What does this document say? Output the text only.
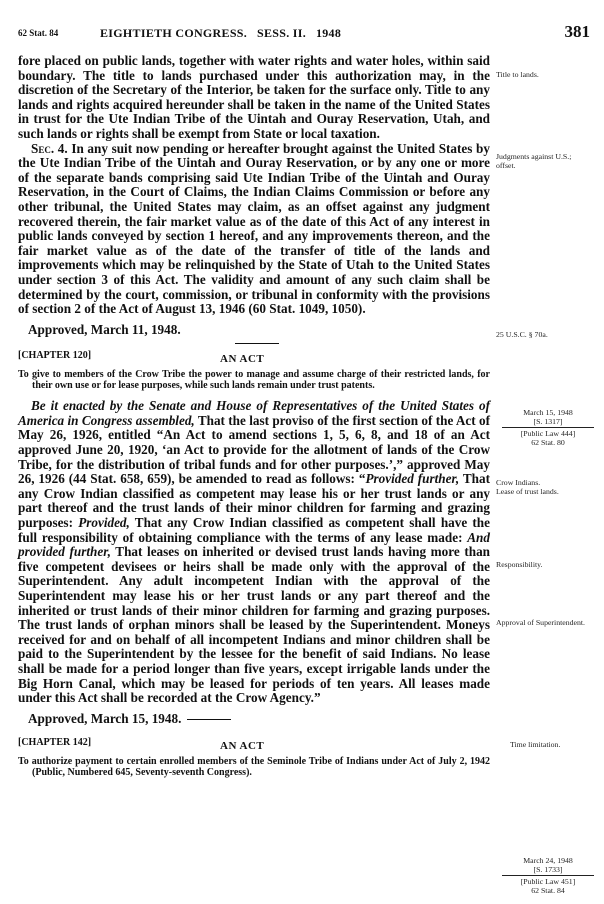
62 Stat. 84	EIGHTIETH CONGRESS.   SESS. II.   1948	381

fore placed on public lands, together with water rights and water holes, within said boundary. The title to lands purchased under this authorization may, in the discretion of the Secretary of the Interior, be taken for the surface only. Title to any lands and rights acquired hereunder shall be taken in the name of the United States in trust for the Ute Indian Tribe of the Uintah and Ouray Reservation, Utah, and such lands or rights shall be exempt from State or local taxation.

Sec. 4. In any suit now pending or hereafter brought against the United States by the Ute Indian Tribe of the Uintah and Ouray Reservation, or by any one or more of the separate bands comprising said Ute Indian Tribe of the Uintah and Ouray Reservation, in the Court of Claims, the Indian Claims Commission or before any other tribunal, the United States may claim, as an offset against any judgment recovered therein, the fair market value as of the date of this Act of any interest in public lands conveyed by section 1 hereof, and any improvements thereon, and the fair market value as of the date of the transfer of title of the lands and improvements which may be relinquished by the State of Utah to the United States under section 3 of this Act. The validity and amount of any such claim shall be determined by the court, commission, or tribunal in conformity with the provisions of section 2 of the Act of August 13, 1946 (60 Stat. 1049, 1050).

Approved, March 11, 1948.

[CHAPTER 120]	AN ACT

To give to members of the Crow Tribe the power to manage and assume charge of their restricted lands, for their own use or for lease purposes, while such lands remain under trust patents.

Be it enacted by the Senate and House of Representatives of the United States of America in Congress assembled, That the last proviso of the first section of the Act of May 26, 1926, entitled “An Act to amend sections 1, 5, 6, 8, and 18 of an Act approved June 20, 1920, ‘an Act to provide for the allotment of lands of the Crow Tribe, for the distribution of tribal funds and for other purposes.’,” approved May 26, 1926 (44 Stat. 658, 659), be amended to read as follows: “Provided further, That any Crow Indian classified as competent may lease his or her trust lands or any part thereof and the trust lands of their minor children for farming and grazing purposes: Provided, That any Crow Indian classified as competent shall have the full responsibility of obtaining compliance with the terms of any lease made: And provided further, That leases on inherited or devised trust lands having more than five competent devisees or heirs shall be made only with the approval of the Superintendent. Any adult incompetent Indian with the approval of the Superintendent may lease his or her trust lands or any part thereof and the inherited or trust lands of their minor children for farming and grazing purposes. The trust lands of orphan minors shall be leased by the Superintendent. Moneys received for and on behalf of all incompetent Indians and minor children shall be paid to the Superintendent by the lessee for the benefit of said Indians. No lease shall be made for a period longer than five years, except irrigable lands under the Big Horn Canal, which may be leased for periods of ten years. All leases made under this Act shall be recorded at the Crow Agency.”

Approved, March 15, 1948.

[CHAPTER 142]	AN ACT

To authorize payment to certain enrolled members of the Seminole Tribe of Indians under Act of July 2, 1942 (Public, Numbered 645, Seventy-seventh Congress).

Title to lands.
Judgments against U.S.; offset.
25 U.S.C. § 70a.
March 15, 1948
[S. 1317]
[Public Law 444]
62 Stat. 80
Crow Indians.
Lease of trust lands.
Responsibility.
Approval of Superintendent.
Time limitation.
March 24, 1948
[S. 1733]
[Public Law 451]
62 Stat. 84
